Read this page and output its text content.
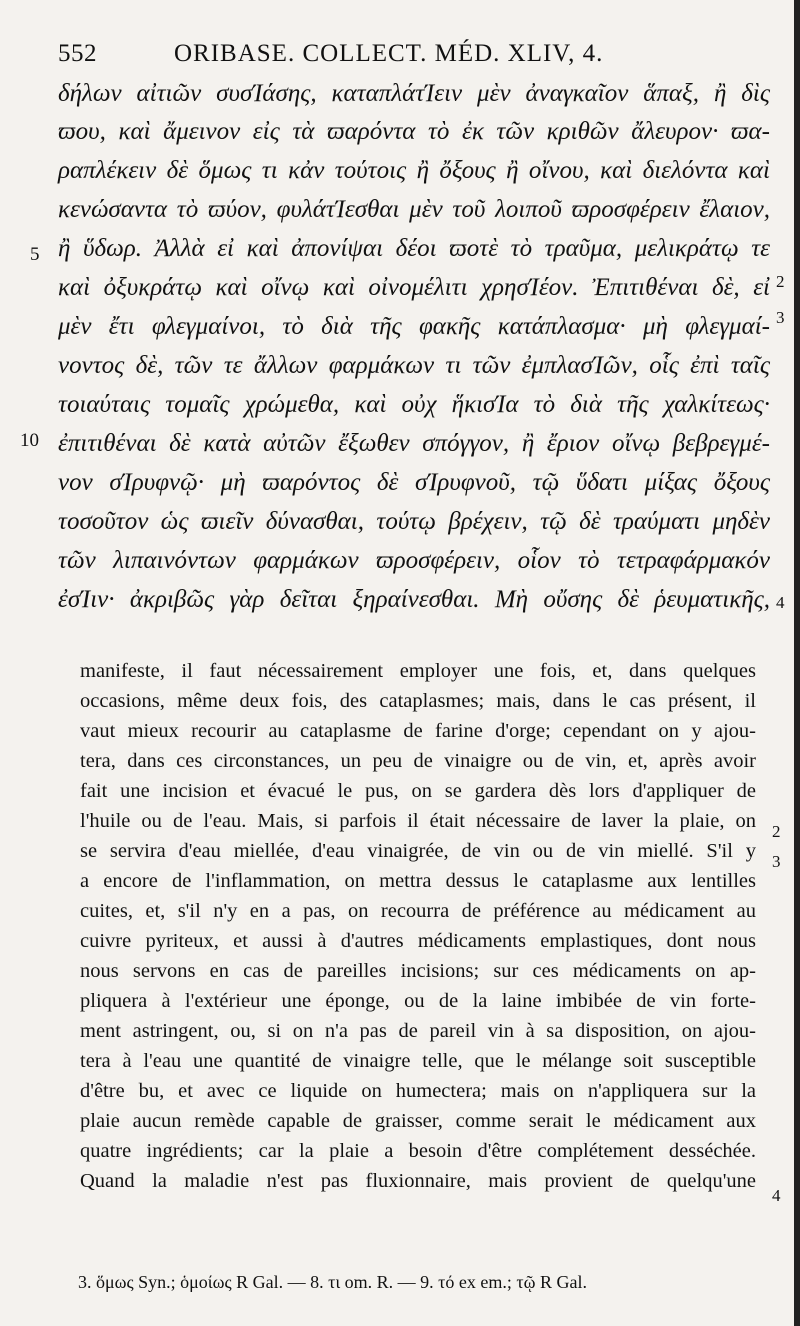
552	ORIBASE. COLLECT. MÉD. XLIV, 4.
δήλων αἰτιῶν συσΊάσης, καταπλάτΊειν μὲν ἀναγκαῖον ἅπαξ, ἢ δὶς
ϖου, καὶ ἄμεινον εἰς τὰ ϖαρόντα τὸ ἐκ τῶν κριθῶν ἄλευρον· ϖα-
ραπλέκειν δὲ ὅμως τι κἀν τούτοις ἢ ὄξους ἢ οἴνου, καὶ διελόντα καὶ
κενώσαντα τὸ ϖύον, φυλάτΊεσθαι μὲν τοῦ λοιποῦ ϖροσφέρειν ἔλαιον,
ἢ ὕδωρ. Ἀλλὰ εἰ καὶ ἀπονίψαι δέοι ϖοτὲ τὸ τραῦμα, μελικράτῳ τε
καὶ ὀξυκράτῳ καὶ οἴνῳ καὶ οἰνομέλιτι χρησΊέον. Ἐπιτιθέναι δὲ, εἰ
μὲν ἔτι φλεγμαίνοι, τὸ διὰ τῆς φακῆς κατάπλασμα· μὴ φλεγμαί-
νοντος δὲ, τῶν τε ἄλλων φαρμάκων τι τῶν ἐμπλασΊῶν, οἷς ἐπὶ ταῖς
τοιαύταις τομαῖς χρώμεθα, καὶ οὐχ ἥκισΊα τὸ διὰ τῆς χαλκίτεως·
ἐπιτιθέναι δὲ κατὰ αὐτῶν ἔξωθεν σπόγγον, ἢ ἔριον οἴνῳ βεβρεγμέ-
νον σΊρυφνῷ· μὴ ϖαρόντος δὲ σΊρυφνοῦ, τῷ ὕδατι μίξας ὄξους
τοσοῦτον ὡς ϖιεῖν δύνασθαι, τούτῳ βρέχειν, τῷ δὲ τραύματι μηδὲν
τῶν λιπαινόντων φαρμάκων ϖροσφέρειν, οἷον τὸ τετραφάρμακόν
ἐσΊιν· ἀκριβῶς γὰρ δεῖται ξηραίνεσθαι. Μὴ οὔσης δὲ ῥευματικῆς,
5
10
2
3
4
manifeste, il faut nécessairement employer une fois, et, dans quelques
occasions, même deux fois, des cataplasmes; mais, dans le cas présent, il
vaut mieux recourir au cataplasme de farine d'orge; cependant on y ajou-
tera, dans ces circonstances, un peu de vinaigre ou de vin, et, après avoir
fait une incision et évacué le pus, on se gardera dès lors d'appliquer de
l'huile ou de l'eau. Mais, si parfois il était nécessaire de laver la plaie, on
se servira d'eau miellée, d'eau vinaigrée, de vin ou de vin miellé. S'il y
a encore de l'inflammation, on mettra dessus le cataplasme aux lentilles
cuites, et, s'il n'y en a pas, on recourra de préférence au médicament au
cuivre pyriteux, et aussi à d'autres médicaments emplastiques, dont nous
nous servons en cas de pareilles incisions; sur ces médicaments on ap-
pliquera à l'extérieur une éponge, ou de la laine imbibée de vin forte-
ment astringent, ou, si on n'a pas de pareil vin à sa disposition, on ajou-
tera à l'eau une quantité de vinaigre telle, que le mélange soit susceptible
d'être bu, et avec ce liquide on humectera; mais on n'appliquera sur la
plaie aucun remède capable de graisser, comme serait le médicament aux
quatre ingrédients; car la plaie a besoin d'être complétement desséchée.
Quand la maladie n'est pas fluxionnaire, mais provient de quelqu'une
2
3
4
3. ὅμως Syn.; ὁμοίως R Gal. — 8. τι om. R. — 9. τό ex em.; τῷ R Gal.
